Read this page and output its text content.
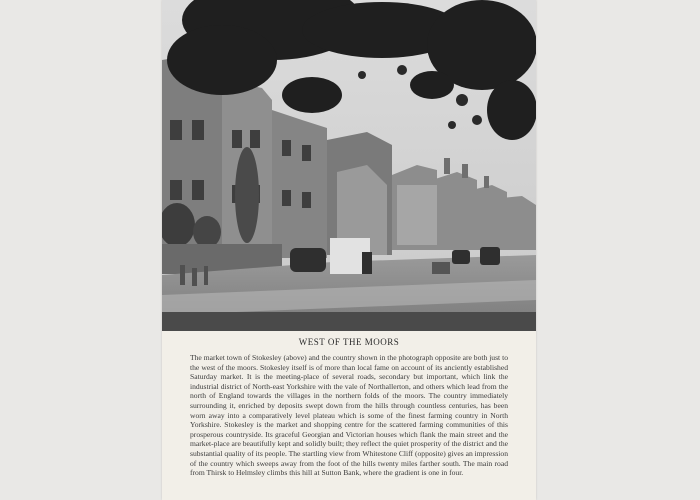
WEST OF THE MOORS

The market town of Stokesley (above) and the country shown in the photograph opposite are both just to the west of the moors. Stokesley itself is of more than local fame on account of its anciently established Saturday market. It is the meeting-place of several roads, secondary but important, which link the industrial district of North-east Yorkshire with the vale of Northallerton, and others which lead from the north of England towards the villages in the northern folds of the moors. The country immediately surrounding it, enriched by deposits swept down from the hills through countless centuries, has been worn away into a comparatively level plateau which is some of the finest farming country in North Yorkshire. Stokesley is the market and shopping centre for the scattered farming communities of this prosperous countryside. Its graceful Georgian and Victorian houses which flank the main street and the market-place are beautifully kept and solidly built; they reflect the quiet prosperity of the district and the substantial quality of its people. The startling view from Whitestone Cliff (opposite) gives an impression of the country which sweeps away from the foot of the hills twenty miles farther south. The main road from Thirsk to Helmsley climbs this hill at Sutton Bank, where the gradient is one in four.
